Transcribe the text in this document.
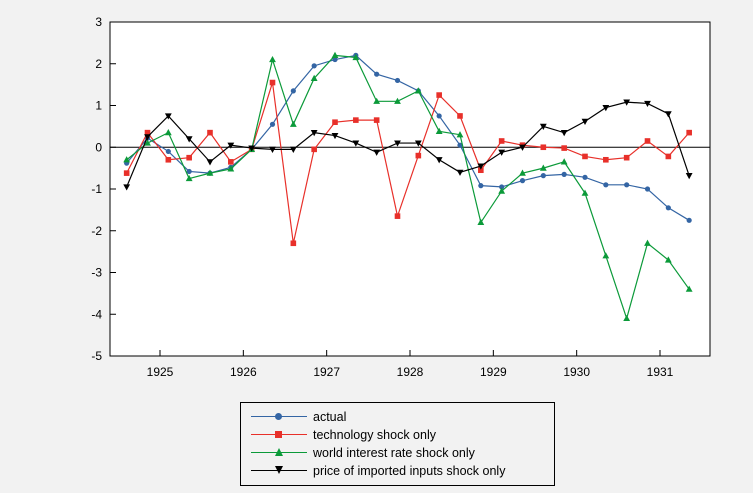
3
2
1
0
-1
-2
-3
-4
-5
1925	1926	1927	1928	1929	1930	1931
actual
technology shock only
world interest rate shock only
price of imported inputs shock only
